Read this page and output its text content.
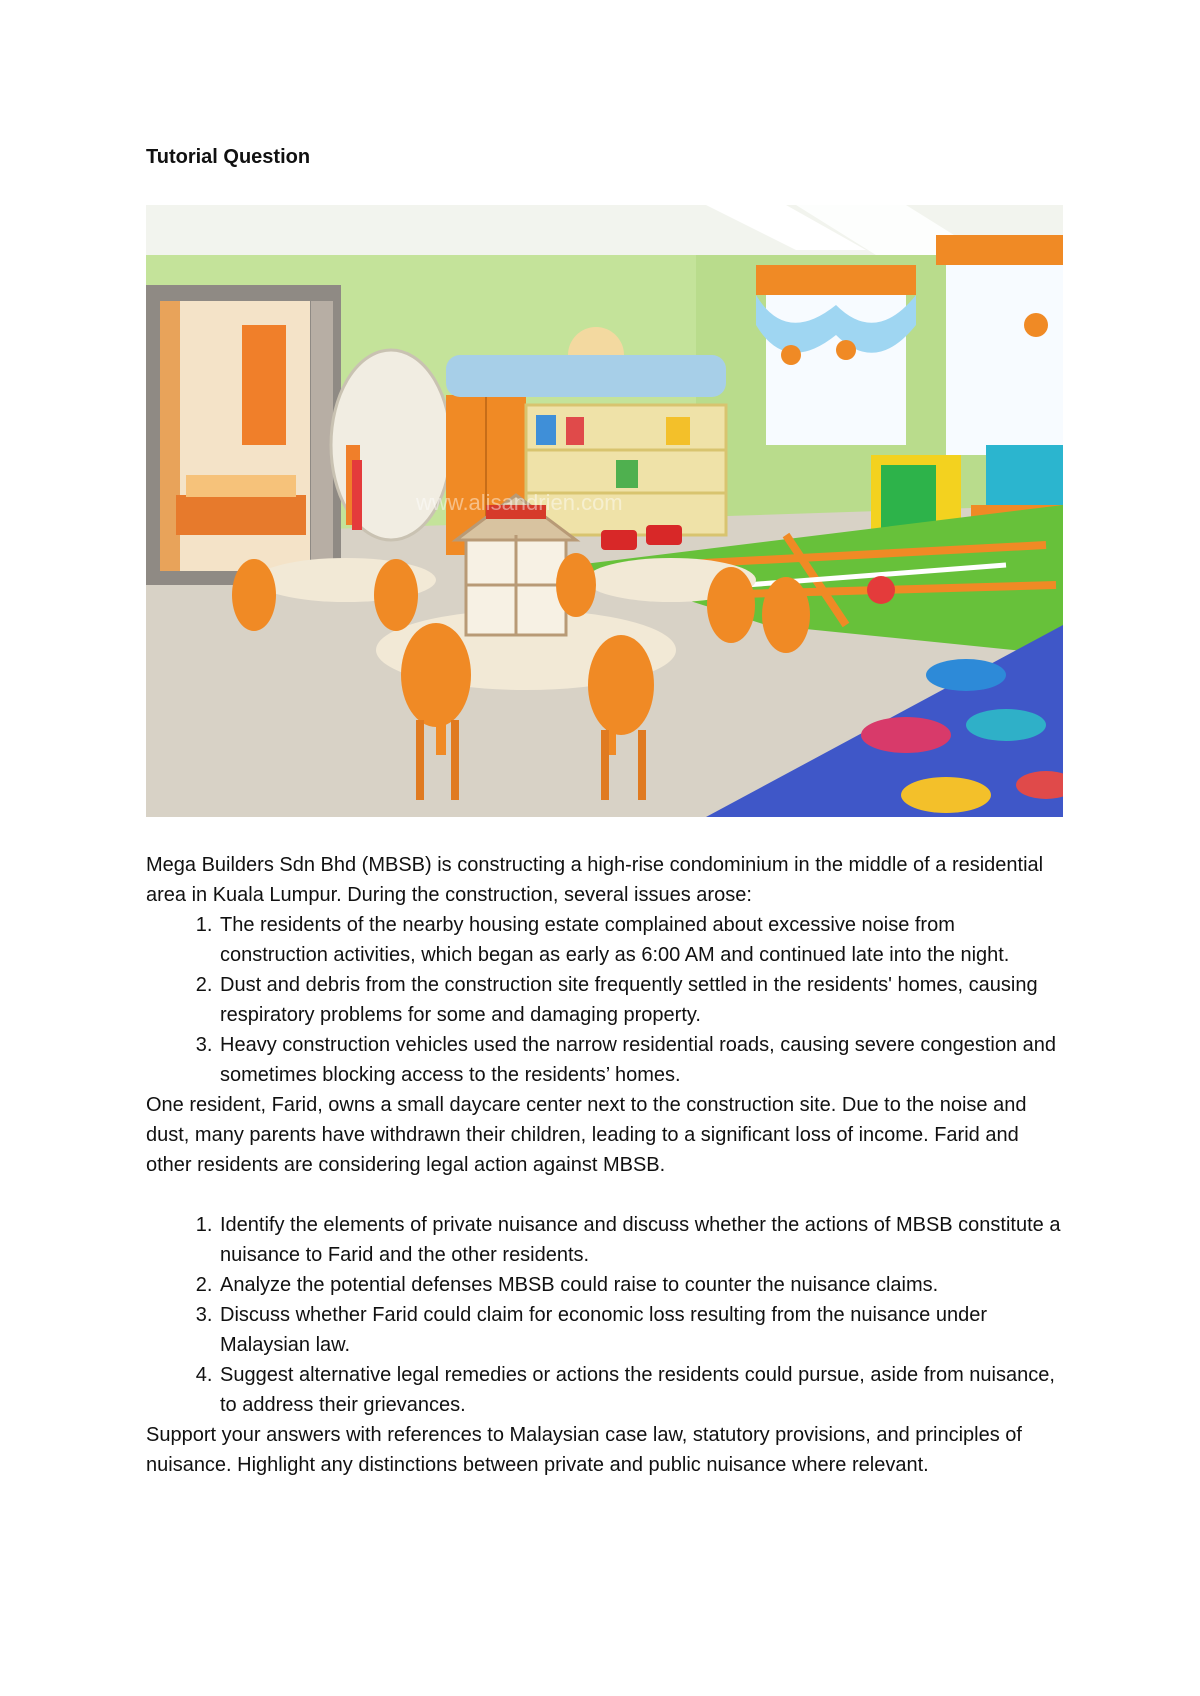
Tutorial Question
www.alisandrien.com

Mega Builders Sdn Bhd (MBSB) is constructing a high-rise condominium in the middle of a residential area in Kuala Lumpur. During the construction, several issues arose:

1. The residents of the nearby housing estate complained about excessive noise from construction activities, which began as early as 6:00 AM and continued late into the night.
2. Dust and debris from the construction site frequently settled in the residents' homes, causing respiratory problems for some and damaging property.
3. Heavy construction vehicles used the narrow residential roads, causing severe congestion and sometimes blocking access to the residents’ homes.

One resident, Farid, owns a small daycare center next to the construction site. Due to the noise and dust, many parents have withdrawn their children, leading to a significant loss of income. Farid and other residents are considering legal action against MBSB.

1. Identify the elements of private nuisance and discuss whether the actions of MBSB constitute a nuisance to Farid and the other residents.
2. Analyze the potential defenses MBSB could raise to counter the nuisance claims.
3. Discuss whether Farid could claim for economic loss resulting from the nuisance under Malaysian law.
4. Suggest alternative legal remedies or actions the residents could pursue, aside from nuisance, to address their grievances.

Support your answers with references to Malaysian case law, statutory provisions, and principles of nuisance. Highlight any distinctions between private and public nuisance where relevant.
